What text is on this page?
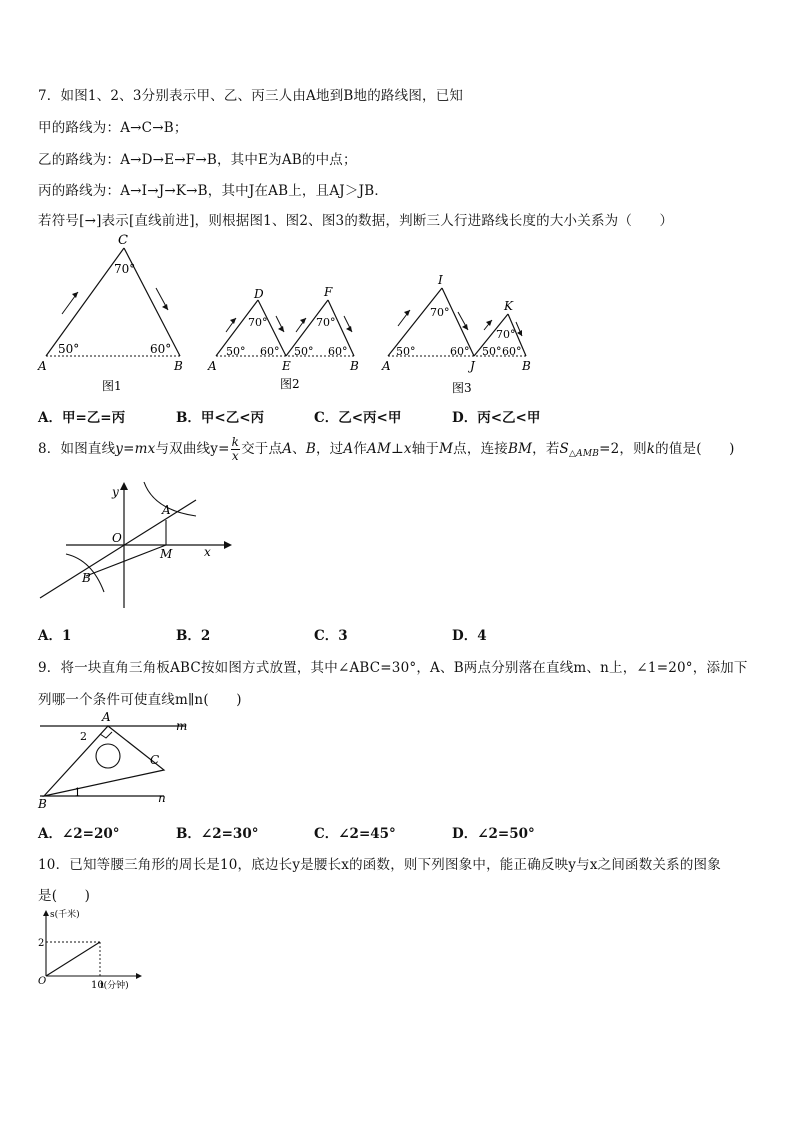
7．如图1、2、3分别表示甲、乙、丙三人由A地到B地的路线图，已知
甲的路线为：A→C→B；
乙的路线为：A→D→E→F→B，其中E为AB的中点；
丙的路线为：A→I→J→K→B，其中J在AB上，且AJ＞JB．
若符号[→]表示[直线前进]，则根据图1、图2、图3的数据，判断三人行进路线长度的大小关系为（　　）
C
70°
50°	60°
A	B
图1
D	F
70°	70°
50° 60° 50° 60°
A	E	B
图2
I
K
70°
70°
50°	60° 50° 60°
A	J	B
图3
A．甲=乙=丙	B．甲<乙<丙	C．乙<丙<甲	D．丙<乙<甲
8．如图直线y=mx与双曲线$y= \frac{k}{x}$ 交于点A、B，过A作AM⊥x轴于M点，连接BM，若$S_{\triangle AMB}=2$，则k的值是(　　)
y
x
O
A
B
M
A．1	B．2	C．3	D．4
9．将一块直角三角板ABC按如图方式放置，其中∠ABC=30°，A、B两点分别落在直线m、n上，∠1=20°，添加下
列哪一个条件可使直线m∥n(　　)
A
B
C
m
n
2
1
A．∠2=20°	B．∠2=30°	C．∠2=45°	D．∠2=50°
10．已知等腰三角形的周长是10，底边长y是腰长x的函数，则下列图象中，能正确反映y与x之间函数关系的图象
是(　　)
s(千米)
t(分钟)
O
2
10
